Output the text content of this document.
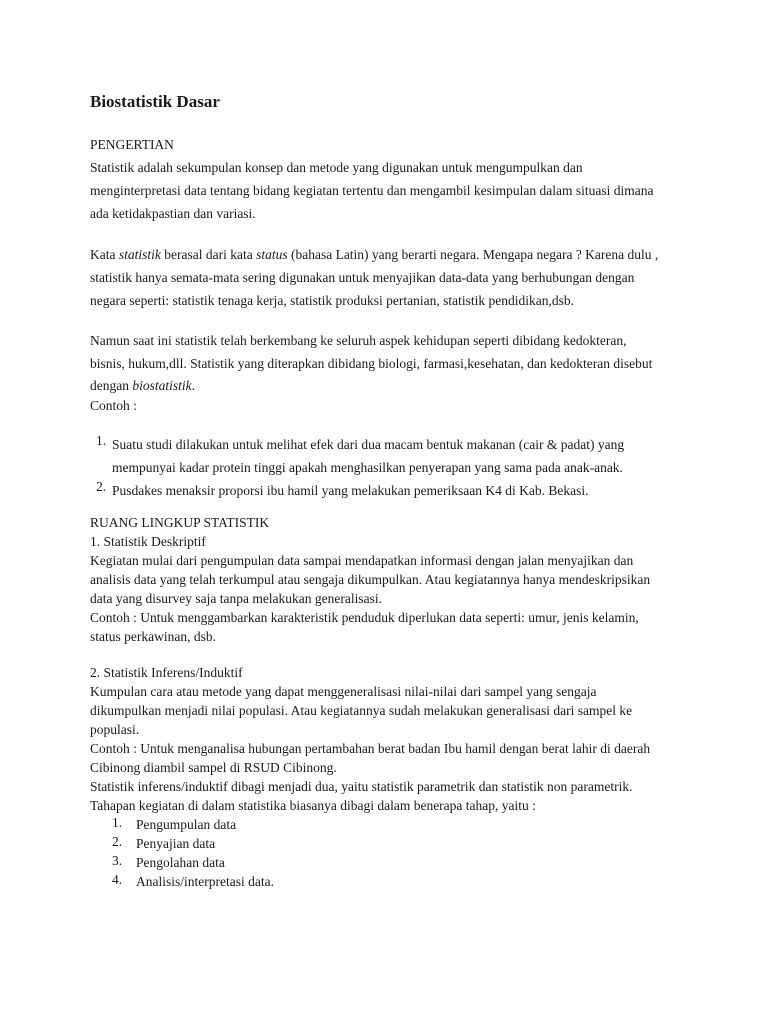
Biostatistik Dasar
PENGERTIAN
Statistik adalah sekumpulan konsep dan metode yang digunakan untuk mengumpulkan dan
menginterpretasi data tentang bidang kegiatan tertentu dan mengambil kesimpulan dalam situasi dimana
ada ketidakpastian dan variasi.
Kata statistik berasal dari kata status (bahasa Latin) yang berarti negara. Mengapa negara ? Karena dulu ,
statistik hanya semata-mata sering digunakan untuk menyajikan data-data yang berhubungan dengan
negara seperti: statistik tenaga kerja, statistik produksi pertanian, statistik pendidikan,dsb.
Namun saat ini statistik telah berkembang ke seluruh aspek kehidupan seperti dibidang kedokteran,
bisnis, hukum,dll. Statistik yang diterapkan dibidang biologi, farmasi,kesehatan, dan kedokteran disebut
dengan biostatistik.
Contoh :
1. Suatu studi dilakukan untuk melihat efek dari dua macam bentuk makanan (cair & padat) yang
mempunyai kadar protein tinggi apakah menghasilkan penyerapan yang sama pada anak-anak.
2. Pusdakes menaksir proporsi ibu hamil yang melakukan pemeriksaan K4 di Kab. Bekasi.
RUANG LINGKUP STATISTIK
1. Statistik Deskriptif
Kegiatan mulai dari pengumpulan data sampai mendapatkan informasi dengan jalan menyajikan dan
analisis data yang telah terkumpul atau sengaja dikumpulkan. Atau kegiatannya hanya mendeskripsikan
data yang disurvey saja tanpa melakukan generalisasi.
Contoh : Untuk menggambarkan karakteristik penduduk diperlukan data seperti: umur, jenis kelamin,
status perkawinan, dsb.
2. Statistik Inferens/Induktif
Kumpulan cara atau metode yang dapat menggeneralisasi nilai-nilai dari sampel yang sengaja
dikumpulkan menjadi nilai populasi. Atau kegiatannya sudah melakukan generalisasi dari sampel ke
populasi.
Contoh : Untuk menganalisa hubungan pertambahan berat badan Ibu hamil dengan berat lahir di daerah
Cibinong diambil sampel di RSUD Cibinong.
Statistik inferens/induktif dibagi menjadi dua, yaitu statistik parametrik dan statistik non parametrik.
Tahapan kegiatan di dalam statistika biasanya dibagi dalam benerapa tahap, yaitu :
1. Pengumpulan data
2. Penyajian data
3. Pengolahan data
4. Analisis/interpretasi data.
